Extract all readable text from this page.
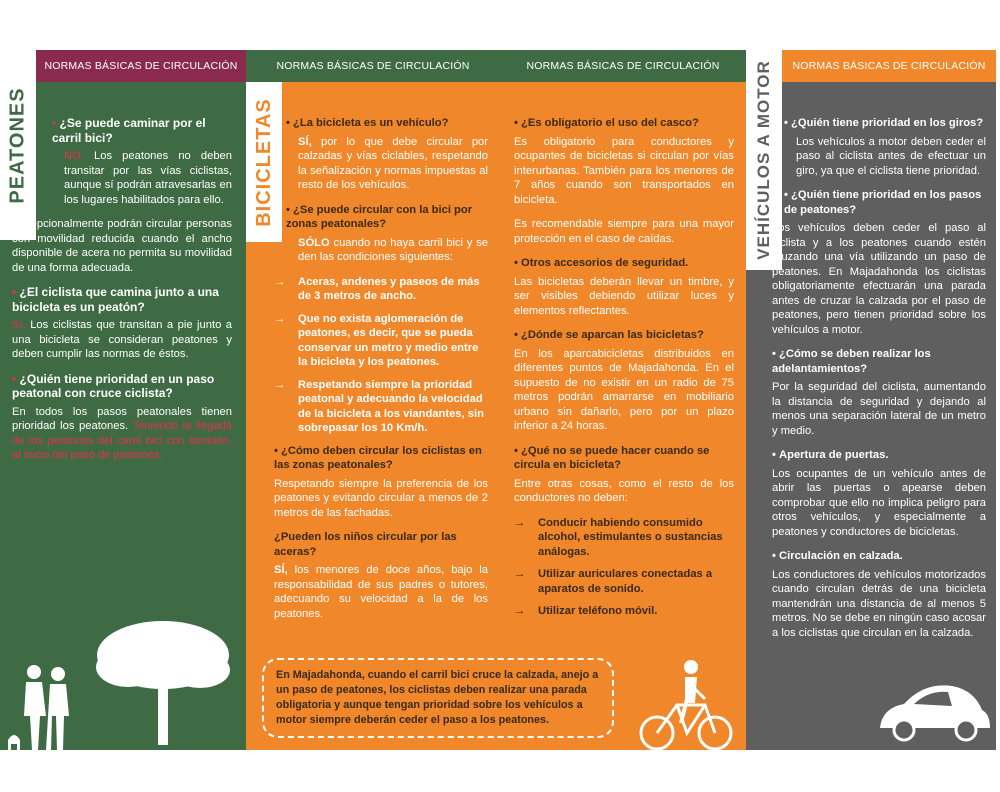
NORMAS BÁSICAS DE CIRCULACIÓN
PEATONES	• ¿Se puede caminar por el carril bici?

NO. Los peatones no deben transitar por las vías ciclistas, aunque sí podrán atravesarlas en los lugares habilitados para ello.

Excepcionalmente podrán circular personas con movilidad reducida cuando el ancho disponible de acera no permita su movilidad de una forma adecuada.

• ¿El ciclista que camina junto a una bicicleta es un peatón?

Sí. Los ciclistas que transitan a pie junto a una bicicleta se consideran peatones y deben cumplir las normas de éstos.

• ¿Quién tiene prioridad en un paso peatonal con cruce ciclista?

En todos los pasos peatonales tienen prioridad los peatones. Teniendo la llegada de los peatones del carril bici con también, al inicio del paso de peatones.

NORMAS BÁSICAS DE CIRCULACIÓN
BICICLETAS	• ¿La bicicleta es un vehículo?

SÍ, por lo que debe circular por calzadas y vías ciclables, respetando la señalización y normas impuestas al resto de los vehículos.

• ¿Se puede circular con la bici por zonas peatonales?

SÓLO cuando no haya carril bici y se den las condiciones siguientes:

→ Aceras, andenes y paseos de más de 3 metros de ancho.
→ Que no exista aglomeración de peatones, es decir, que se pueda conservar un metro y medio entre la bicicleta y los peatones.
→ Respetando siempre la prioridad peatonal y adecuando la velocidad de la bicicleta a los viandantes, sin sobrepasar los 10 Km/h.
• ¿Cómo deben circular los ciclistas en las zonas peatonales?

Respetando siempre la preferencia de los peatones y evitando circular a menos de 2 metros de las fachadas.

¿Pueden los niños circular por las aceras?

SÍ, los menores de doce años, bajo la responsabilidad de sus padres o tutores, adecuando su velocidad a la de los peatones.

NORMAS BÁSICAS DE CIRCULACIÓN
• ¿Es obligatorio el uso del casco?

Es obligatorio para conductores y ocupantes de bicicletas si circulan por vías interurbanas. También para los menores de 7 años cuando son transportados en bicicleta.

Es recomendable siempre para una mayor protección en el caso de caídas.

• Otros accesorios de seguridad.

Las bicicletas deberán llevar un timbre, y ser visibles debiendo utilizar luces y elementos reflectantes.

• ¿Dónde se aparcan las bicicletas?

En los aparcabicicletas distribuidos en diferentes puntos de Majadahonda. En el supuesto de no existir en un radio de 75 metros podrán amarrarse en mobiliario urbano sin dañarlo, pero por un plazo inferior a 24 horas.

• ¿Qué no se puede hacer cuando se circula en bicicleta?

Entre otras cosas, como el resto de los conductores no deben:

→ Conducir habiendo consumido alcohol, estimulantes o sustancias análogas.
→ Utilizar auriculares conectadas a aparatos de sonido.
→ Utilizar teléfono móvil.
En Majadahonda, cuando el carril bici cruce la calzada, anejo a un paso de peatones, los ciclistas deben realizar una parada obligatoria y aunque tengan prioridad sobre los vehículos a motor siempre deberán ceder el paso a los peatones.
NORMAS BÁSICAS DE CIRCULACIÓN
VEHÍCULOS A MOTOR • ¿Quién tiene prioridad en los giros?

Los vehículos a motor deben ceder el paso al ciclista antes de efectuar un giro, ya que el ciclista tiene prioridad.

• ¿Quién tiene prioridad en los pasos de peatones?

Los vehículos deben ceder el paso al ciclista y a los peatones cuando estén cruzando una vía utilizando un paso de peatones. En Majadahonda los ciclistas obligatoriamente efectuarán una parada antes de cruzar la calzada por el paso de peatones, pero tienen prioridad sobre los vehículos a motor.

• ¿Cómo se deben realizar los adelantamientos?

Por la seguridad del ciclista, aumentando la distancia de seguridad y dejando al menos una separación lateral de un metro y medio.

• Apertura de puertas.

Los ocupantes de un vehículo antes de abrir las puertas o apearse deben comprobar que ello no implica peligro para otros vehículos, y especialmente a peatones y conductores de bicicletas.

• Circulación en calzada.

Los conductores de vehículos motorizados cuando circulan detrás de una bicicleta mantendrán una distancia de al menos 5 metros. No se debe en ningún caso acosar a los ciclistas que circulan en la calzada.
